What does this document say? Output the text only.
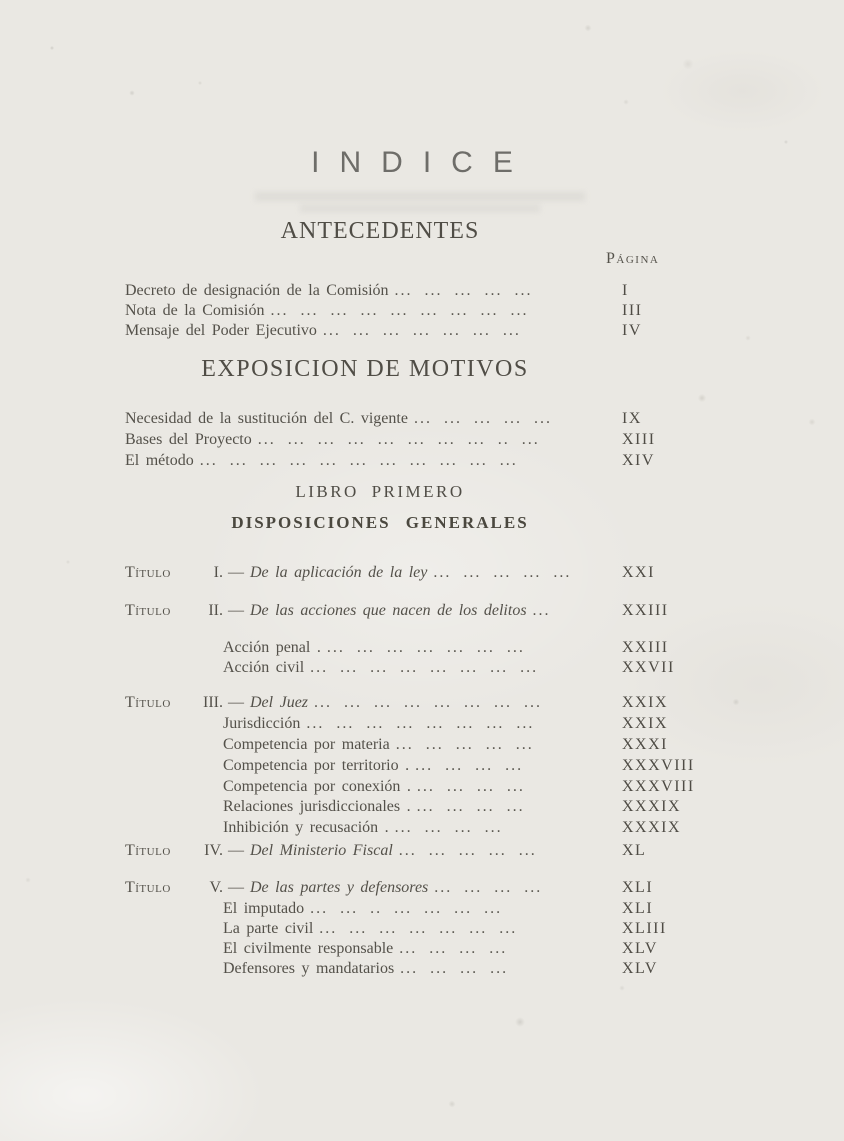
INDICE
ANTECEDENTES
Página
Decreto de designación de la Comisión ... ... ... ... ...	I
Nota de la Comisión ... ... ... ... ... ... ... ... ...	III
Mensaje del Poder Ejecutivo ... ... ... ... ... ... ...	IV
EXPOSICION DE MOTIVOS
Necesidad de la sustitución del C. vigente ... ... ... ... ...	IX
Bases del Proyecto ... ... ... ... ... ... ... ... .. ...	XIII
El método ... ... ... ... ... ... ... ... ... ... ...	XIV
LIBRO PRIMERO
DISPOSICIONES GENERALES
Título	I. — De la aplicación de la ley ... ... ... ... ...	XXI
Título II. — De las acciones que nacen de los delitos ...	XXIII
Acción penal . ... ... ... ... ... ... ...	XXIII
Acción civil ... ... ... ... ... ... ... ...	XXVII
Título III. — Del Juez ... ... ... ... ... ... ... ...	XXIX
Jurisdicción ... ... ... ... ... ... ... ...	XXIX
Competencia por materia ... ... ... ... ...	XXXI
Competencia por territorio . ... ... ... ...	XXXVIII
Competencia por conexión . ... ... ... ...	XXXVIII
Relaciones jurisdiccionales . ... ... ... ...	XXXIX
Inhibición y recusación . ... ... ... ...	XXXIX
Título IV. — Del Ministerio Fiscal ... ... ... ... ...	XL
Título V. — De las partes y defensores ... ... ... ...	XLI
El imputado ... ... .. ... ... ... ...	XLI
La parte civil ... ... ... ... ... ... ...	XLIII
El civilmente responsable ... ... ... ...	XLV
Defensores y mandatarios ... ... ... ...	XLV
